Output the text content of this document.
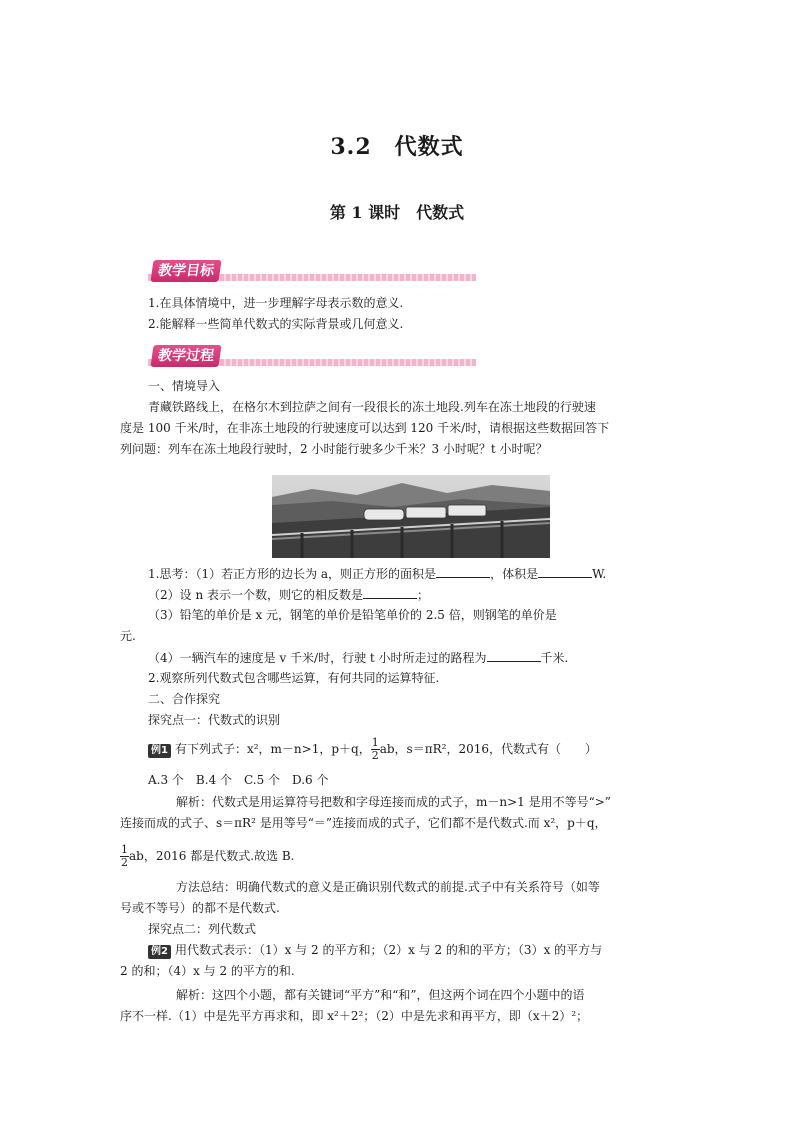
3.2　代数式
第 1 课时　代数式
教学目标
1.在具体情境中，进一步理解字母表示数的意义.
2.能解释一些简单代数式的实际背景或几何意义.
教学过程
一、情境导入
青藏铁路线上，在格尔木到拉萨之间有一段很长的冻土地段.列车在冻土地段的行驶速
度是 100 千米/时，在非冻土地段的行驶速度可以达到 120 千米/时，请根据这些数据回答下
列问题：列车在冻土地段行驶时，2 小时能行驶多少千米？3 小时呢？t 小时呢？
1.思考：（1）若正方形的边长为 a，则正方形的面积是	，体积是	W.
（2）设 n 表示一个数，则它的相反数是	；
（3）铅笔的单价是 x 元，钢笔的单价是铅笔单价的 2.5 倍，则钢笔的单价是
元.
（4）一辆汽车的速度是 v 千米/时，行驶 t 小时所走过的路程为	千米.
2.观察所列代数式包含哪些运算，有何共同的运算特征.
二、合作探究
探究点一：代数式的识别
例1 有下列式子：x²，m－n>1，p＋q， $\frac{1}{2}$ ab，s＝πR²，2016，代数式有（　　）
A.3 个　B.4 个　C.5 个　D.6 个
解析：代数式是用运算符号把数和字母连接而成的式子，m－n>1 是用不等号“>”
连接而成的式子、s＝πR² 是用等号“＝”连接而成的式子，它们都不是代数式.而 x²，p＋q，
$\frac{1}{2}$ ab，2016 都是代数式.故选 B.
方法总结：明确代数式的意义是正确识别代数式的前提.式子中有关系符号（如等
号或不等号）的都不是代数式.
探究点二：列代数式
例2 用代数式表示：（1）x 与 2 的平方和；（2）x 与 2 的和的平方；（3）x 的平方与
2 的和；（4）x 与 2 的平方的和.
解析：这四个小题，都有关键词“平方”和“和”，但这两个词在四个小题中的语
序不一样.（1）中是先平方再求和，即 x²＋2²；（2）中是先求和再平方，即（x＋2）²；
